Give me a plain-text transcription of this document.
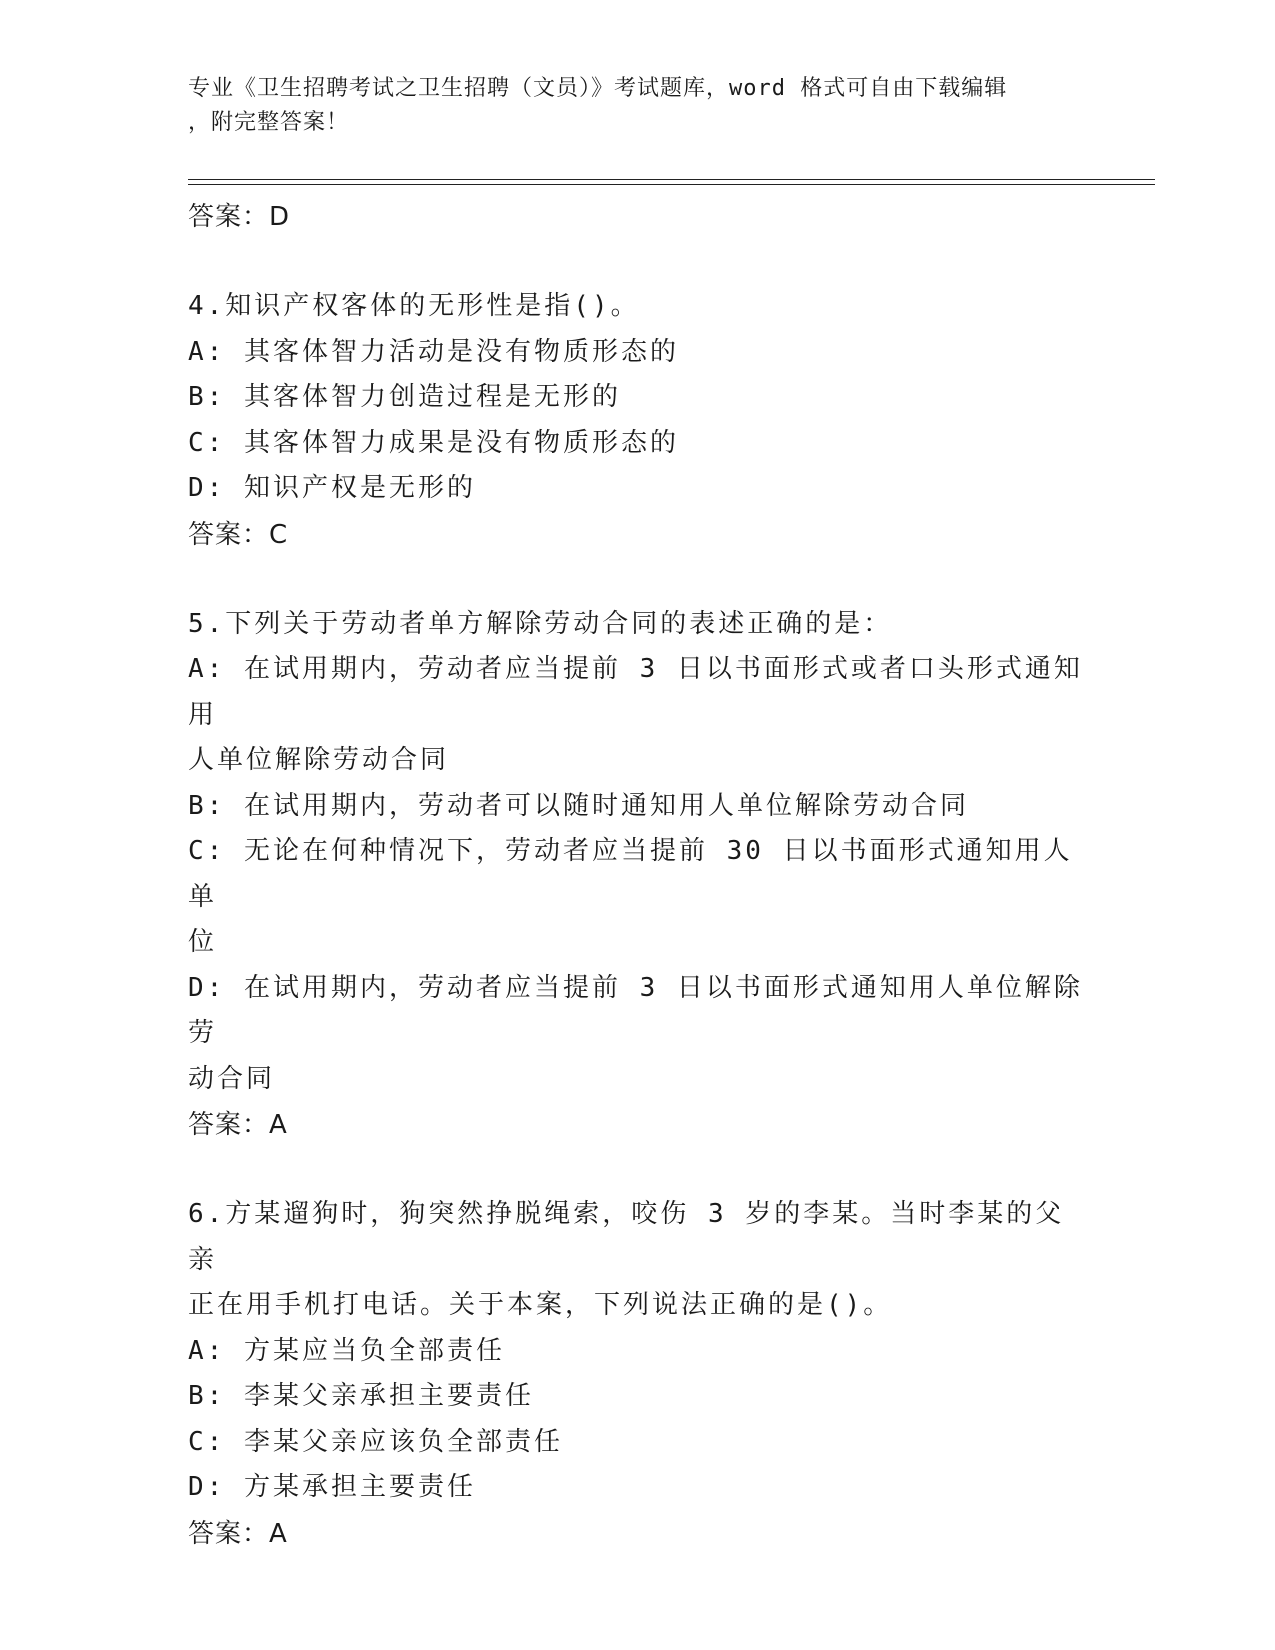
专业《卫生招聘考试之卫生招聘（文员）》考试题库，word 格式可自由下载编辑
，附完整答案！

答案：D

4.知识产权客体的无形性是指()。

A: 其客体智力活动是没有物质形态的

B: 其客体智力创造过程是无形的

C: 其客体智力成果是没有物质形态的

D: 知识产权是无形的

答案：C

5.下列关于劳动者单方解除劳动合同的表述正确的是：

A: 在试用期内，劳动者应当提前 3 日以书面形式或者口头形式通知用

人单位解除劳动合同

B: 在试用期内，劳动者可以随时通知用人单位解除劳动合同

C: 无论在何种情况下，劳动者应当提前 30 日以书面形式通知用人单

位

D: 在试用期内，劳动者应当提前 3 日以书面形式通知用人单位解除劳

动合同

答案：A

6.方某遛狗时，狗突然挣脱绳索，咬伤 3 岁的李某。当时李某的父亲

正在用手机打电话。关于本案，下列说法正确的是()。

A: 方某应当负全部责任

B: 李某父亲承担主要责任

C: 李某父亲应该负全部责任

D: 方某承担主要责任

答案：A
